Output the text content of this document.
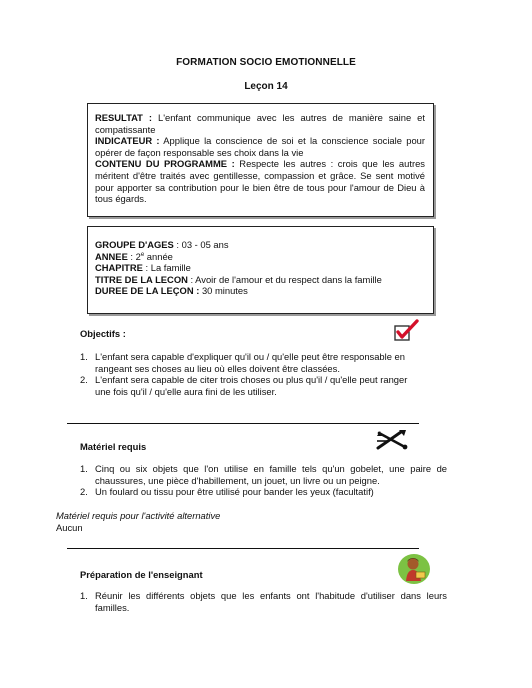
FORMATION SOCIO EMOTIONNELLE
Leçon 14

RESULTAT : L'enfant communique avec les autres de manière saine et compatissante

INDICATEUR : Applique la conscience de soi et la conscience sociale pour opérer de façon responsable ses choix dans la vie

CONTENU DU PROGRAMME : Respecte les autres : crois que les autres méritent d'être traités avec gentillesse, compassion et grâce. Se sent motivé pour apporter sa contribution pour le bien être de tous pour l'amour de Dieu à tous égards.

GROUPE D'AGES : 03 - 05 ans

ANNEE : 2e année

CHAPITRE : La famille

TITRE DE LA LECON : Avoir de l'amour et du respect dans la famille

DUREE DE LA LEÇON : 30 minutes

Objectifs :
1. L'enfant sera capable d'expliquer qu'il ou / qu'elle peut être responsable en rangeant ses choses au lieu où elles doivent être classées.
2. L'enfant sera capable de citer trois choses ou plus qu'il / qu'elle peut ranger une fois qu'il / qu'elle aura fini de les utiliser.
Matériel requis
1. Cinq ou six objets que l'on utilise en famille tels qu'un gobelet, une paire de chaussures, une pièce d'habillement, un jouet, un livre ou un peigne.
2. Un foulard ou tissu pour être utilisé pour bander les yeux (facultatif)
Matériel requis pour l'activité alternative
Aucun
Préparation de l'enseignant
1. Réunir les différents objets que les enfants ont l'habitude d'utiliser dans leurs familles.
